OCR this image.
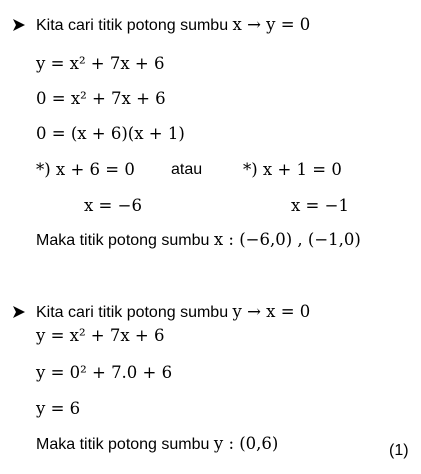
Kita cari titik potong sumbu x → y = 0
y = x² + 7x + 6
0 = x² + 7x + 6
0 = (x + 6)(x + 1)
*) x + 6 = 0 atau *) x + 1 = 0
x = −6	x = −1
Maka titik potong sumbu x : (−6,0) , (−1,0)
Kita cari titik potong sumbu y → x = 0
y = x² + 7x + 6
y = 0² + 7.0 + 6
y = 6
Maka titik potong sumbu y : (0,6)	(1)
